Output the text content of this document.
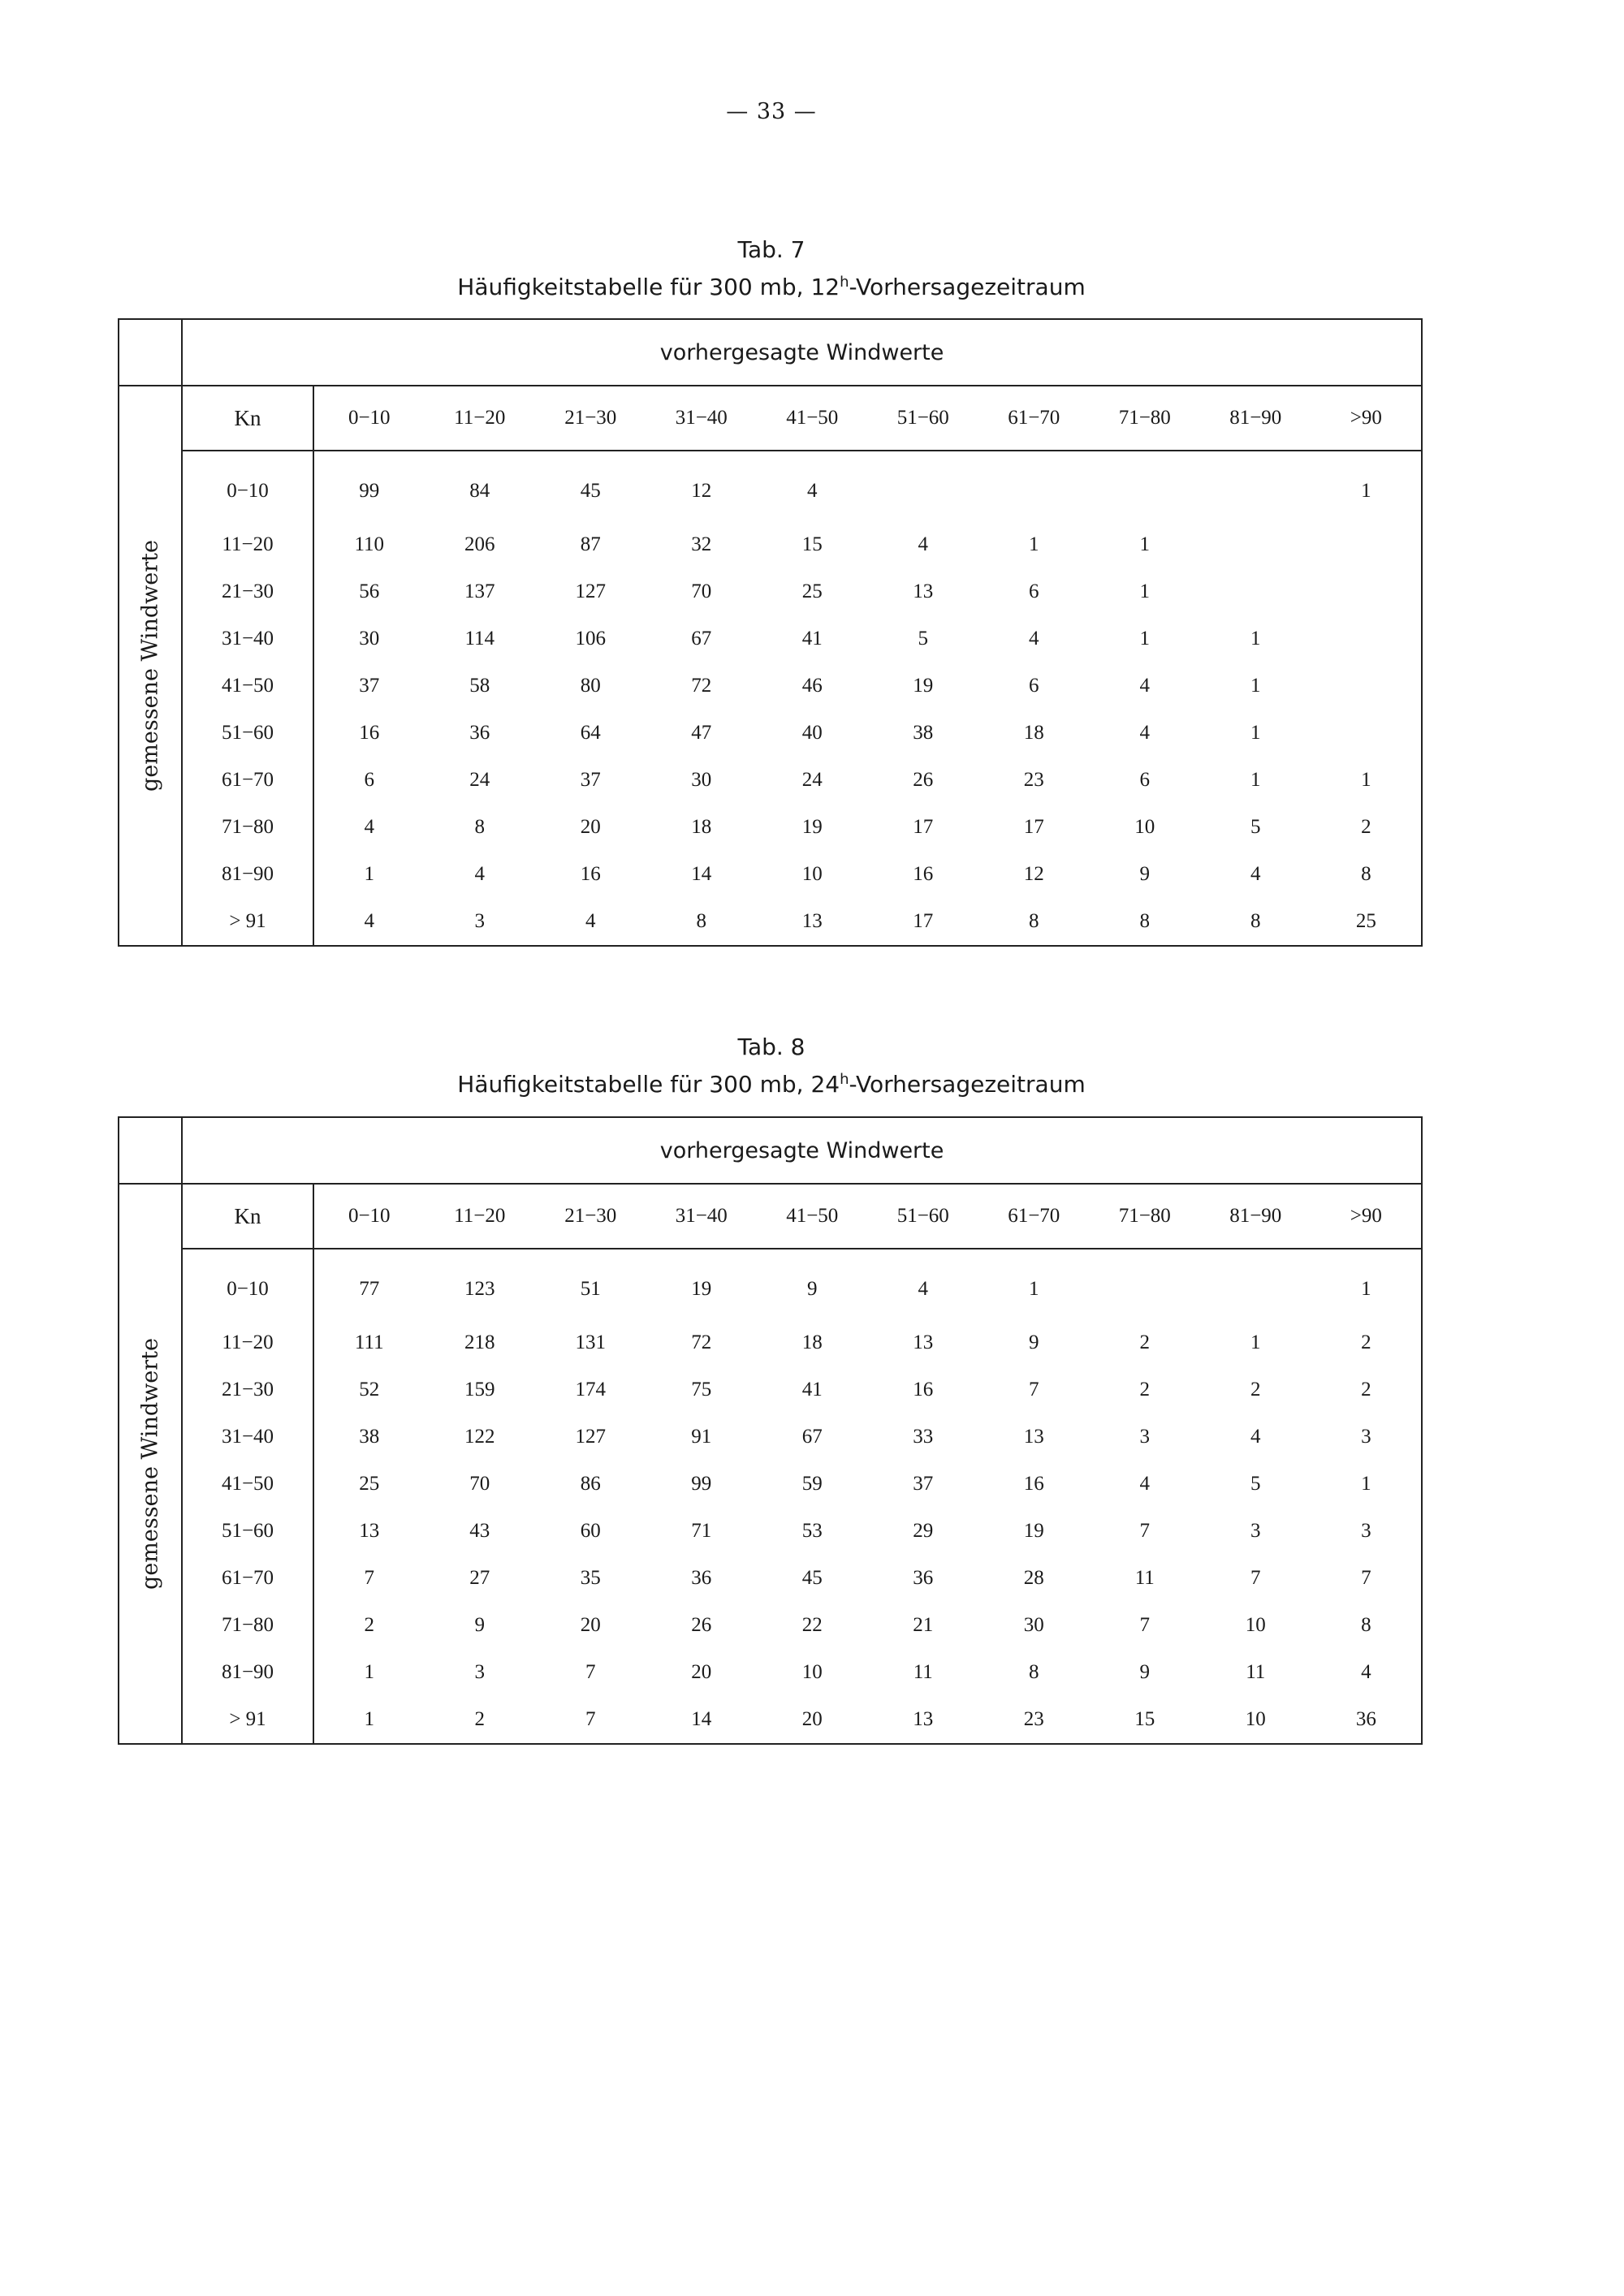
— 33 —
Tab. 7
Häufigkeitstabelle für 300 mb, 12$^h$-Vorhersagezeitraum
	vorhergesagte Windwerte										

gemessene Windwerte	Kn	0−10	11−20	21−30	31−40	41−50	51−60	61−70	71−80	81−90	>90
	0−10	99	84	45	12	4					1
	11−20	110	206	87	32	15	4	1	1		
	21−30	56	137	127	70	25	13	6	1		
	31−40	30	114	106	67	41	5	4	1	1	
	41−50	37	58	80	72	46	19	6	4	1	
	51−60	16	36	64	47	40	38	18	4	1	
	61−70	6	24	37	30	24	26	23	6	1	1
	71−80	4	8	20	18	19	17	17	10	5	2
	81−90	1	4	16	14	10	16	12	9	4	8
	> 91	4	3	4	8	13	17	8	8	8	25
Tab. 8
Häufigkeitstabelle für 300 mb, 24$^h$-Vorhersagezeitraum
	vorhergesagte Windwerte										

gemessene Windwerte	Kn	0−10	11−20	21−30	31−40	41−50	51−60	61−70	71−80	81−90	>90
	0−10	77	123	51	19	9	4	1			1
	11−20	111	218	131	72	18	13	9	2	1	2
	21−30	52	159	174	75	41	16	7	2	2	2
	31−40	38	122	127	91	67	33	13	3	4	3
	41−50	25	70	86	99	59	37	16	4	5	1
	51−60	13	43	60	71	53	29	19	7	3	3
	61−70	7	27	35	36	45	36	28	11	7	7
	71−80	2	9	20	26	22	21	30	7	10	8
	81−90	1	3	7	20	10	11	8	9	11	4
	> 91	1	2	7	14	20	13	23	15	10	36
